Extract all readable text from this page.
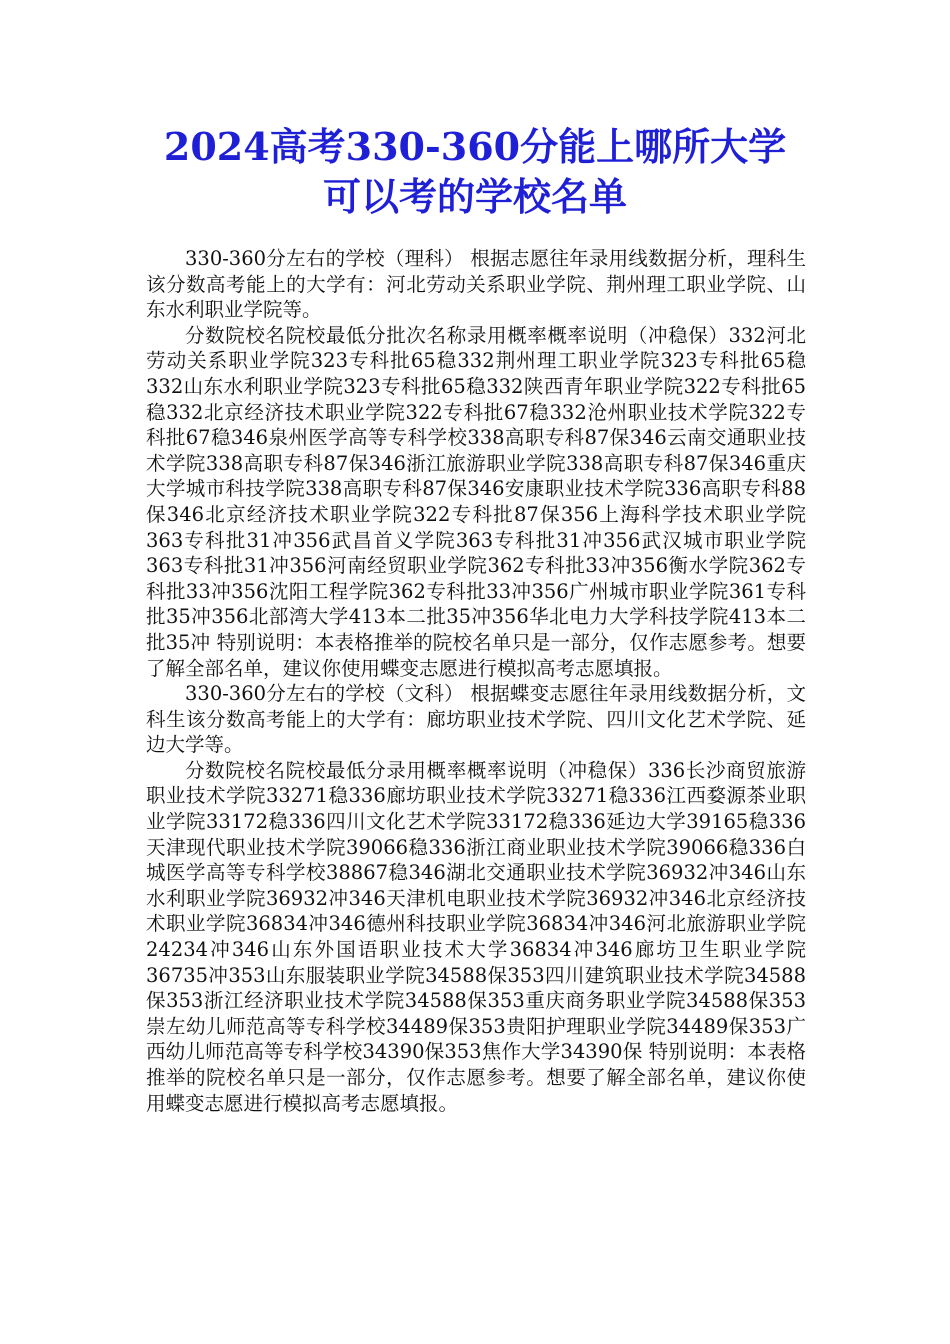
2024高考330-360分能上哪所大学
可以考的学校名单

330-360分左右的学校（理科） 根据志愿往年录用线数据分析，理科生该分数高考能上的大学有：河北劳动关系职业学院、荆州理工职业学院、山东水利职业学院等。

分数院校名院校最低分批次名称录用概率概率说明（冲稳保）332河北劳动关系职业学院323专科批65稳332荆州理工职业学院323专科批65稳332山东水利职业学院323专科批65稳332陕西青年职业学院322专科批65稳332北京经济技术职业学院322专科批67稳332沧州职业技术学院322专科批67稳346泉州医学高等专科学校338高职专科87保346云南交通职业技术学院338高职专科87保346浙江旅游职业学院338高职专科87保346重庆大学城市科技学院338高职专科87保346安康职业技术学院336高职专科88保346北京经济技术职业学院322专科批87保356上海科学技术职业学院363专科批31冲356武昌首义学院363专科批31冲356武汉城市职业学院363专科批31冲356河南经贸职业学院362专科批33冲356衡水学院362专科批33冲356沈阳工程学院362专科批33冲356广州城市职业学院361专科批35冲356北部湾大学413本二批35冲356华北电力大学科技学院413本二批35冲 特别说明：本表格推举的院校名单只是一部分，仅作志愿参考。想要了解全部名单，建议你使用蝶变志愿进行模拟高考志愿填报。

330-360分左右的学校（文科） 根据蝶变志愿往年录用线数据分析，文科生该分数高考能上的大学有：廊坊职业技术学院、四川文化艺术学院、延边大学等。

分数院校名院校最低分录用概率概率说明（冲稳保）336长沙商贸旅游职业技术学院33271稳336廊坊职业技术学院33271稳336江西婺源茶业职业学院33172稳336四川文化艺术学院33172稳336延边大学39165稳336天津现代职业技术学院39066稳336浙江商业职业技术学院39066稳336白城医学高等专科学校38867稳346湖北交通职业技术学院36932冲346山东水利职业学院36932冲346天津机电职业技术学院36932冲346北京经济技术职业学院36834冲346德州科技职业学院36834冲346河北旅游职业学院24234冲346山东外国语职业技术大学36834冲346廊坊卫生职业学院36735冲353山东服装职业学院34588保353四川建筑职业技术学院34588保353浙江经济职业技术学院34588保353重庆商务职业学院34588保353崇左幼儿师范高等专科学校34489保353贵阳护理职业学院34489保353广西幼儿师范高等专科学校34390保353焦作大学34390保 特别说明：本表格推举的院校名单只是一部分，仅作志愿参考。想要了解全部名单，建议你使用蝶变志愿进行模拟高考志愿填报。
